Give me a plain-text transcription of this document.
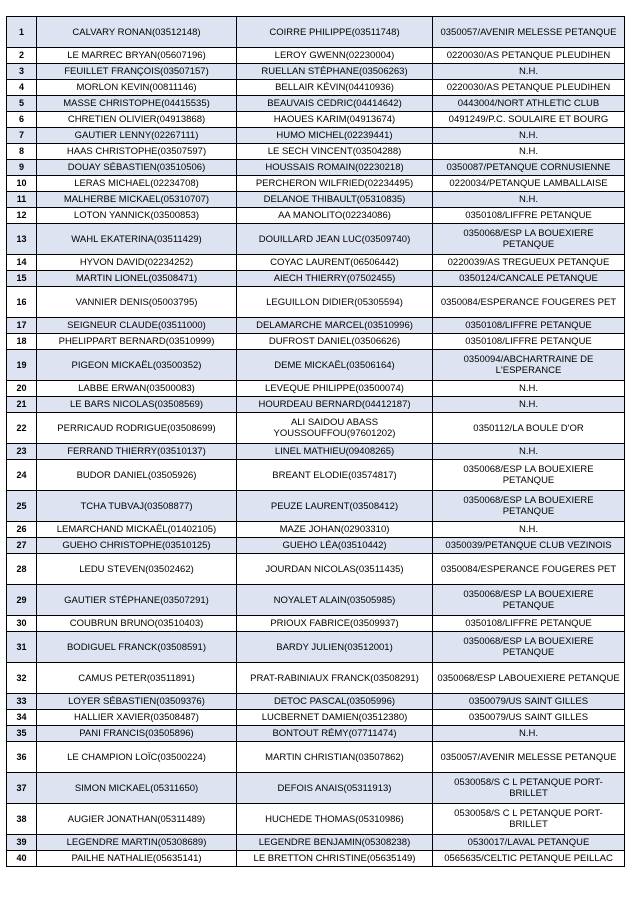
1	CALVARY RONAN(03512148)	COIRRE PHILIPPE(03511748)	0350057/AVENIR MELESSE PETANQUE
2	LE MARREC BRYAN(05607196)	LEROY GWENN(02230004)	0220030/AS PETANQUE PLEUDIHEN
3	FEUILLET FRANÇOIS(03507157)	RUELLAN STÉPHANE(03506263)	N.H.
4	MORLON KEVIN(00811146)	BELLAIR KÉVIN(04410936)	0220030/AS PETANQUE PLEUDIHEN
5	MASSE CHRISTOPHE(04415535)	BEAUVAIS CEDRIC(04414642)	0443004/NORT ATHLETIC CLUB
6	CHRETIEN OLIVIER(04913868)	HAOUES KARIM(04913674)	0491249/P.C. SOULAIRE ET BOURG
7	GAUTIER LENNY(02267111)	HUMO MICHEL(02239441)	N.H.
8	HAAS CHRISTOPHE(03507597)	LE SECH VINCENT(03504288)	N.H.
9	DOUAY SÉBASTIEN(03510506)	HOUSSAIS ROMAIN(02230218)	0350087/PETANQUE CORNUSIENNE
10	LERAS MICHAEL(02234708)	PERCHERON WILFRIED(02234495)	0220034/PETANQUE LAMBALLAISE
11	MALHERBE MICKAEL(05310707)	DELANOE THIBAULT(05310835)	N.H.
12	LOTON YANNICK(03500853)	AA MANOLITO(02234086)	0350108/LIFFRE PETANQUE
13	WAHL EKATERINA(03511429)	DOUILLARD JEAN LUC(03509740)	0350068/ESP LA BOUEXIERE PETANQUE
14	HYVON DAVID(02234252)	COYAC LAURENT(06506442)	0220039/AS TREGUEUX PETANQUE
15	MARTIN LIONEL(03508471)	AIECH THIERRY(07502455)	0350124/CANCALE PETANQUE
16	VANNIER DENIS(05003795)	LEGUILLON DIDIER(05305594)	0350084/ESPERANCE FOUGERES PET
17	SEIGNEUR CLAUDE(03511000)	DELAMARCHE MARCEL(03510996)	0350108/LIFFRE PETANQUE
18	PHELIPPART BERNARD(03510999)	DUFROST DANIEL(03506626)	0350108/LIFFRE PETANQUE
19	PIGEON MICKAËL(03500352)	DEME MICKAËL(03506164)	0350094/ABCHARTRAINE DE L'ESPERANCE
20	LABBE ERWAN(03500083)	LEVEQUE PHILIPPE(03500074)	N.H.
21	LE BARS NICOLAS(03508569)	HOURDEAU BERNARD(04412187)	N.H.
22	PERRICAUD RODRIGUE(03508699)	ALI SAIDOU ABASS YOUSSOUFFOU(97601202)	0350112/LA BOULE D'OR
23	FERRAND THIERRY(03510137)	LINEL MATHIEU(09408265)	N.H.
24	BUDOR DANIEL(03505926)	BREANT ELODIE(03574817)	0350068/ESP LA BOUEXIERE PETANQUE
25	TCHA TUBVAJ(03508877)	PEUZE LAURENT(03508412)	0350068/ESP LA BOUEXIERE PETANQUE
26	LEMARCHAND MICKAËL(01402105)	MAZE JOHAN(02903310)	N.H.
27	GUEHO CHRISTOPHE(03510125)	GUEHO LÉA(03510442)	0350039/PETANQUE CLUB VEZINOIS
28	LEDU STEVEN(03502462)	JOURDAN NICOLAS(03511435)	0350084/ESPERANCE FOUGERES PET
29	GAUTIER STÉPHANE(03507291)	NOYALET ALAIN(03505985)	0350068/ESP LA BOUEXIERE PETANQUE
30	COUBRUN BRUNO(03510403)	PRIOUX FABRICE(03509937)	0350108/LIFFRE PETANQUE
31	BODIGUEL FRANCK(03508591)	BARDY JULIEN(03512001)	0350068/ESP LA BOUEXIERE PETANQUE
32	CAMUS PETER(03511891)	PRAT-RABINIAUX FRANCK(03508291)	0350068/ESP LABOUEXIERE PETANQUE
33	LOYER SÉBASTIEN(03509376)	DETOC PASCAL(03505996)	0350079/US SAINT GILLES
34	HALLIER XAVIER(03508487)	LUCBERNET DAMIEN(03512380)	0350079/US SAINT GILLES
35	PANI FRANCIS(03505896)	BONTOUT RÉMY(07711474)	N.H.
36	LE CHAMPION LOÏC(03500224)	MARTIN CHRISTIAN(03507862)	0350057/AVENIR MELESSE PETANQUE
37	SIMON MICKAEL(05311650)	DEFOIS ANAIS(05311913)	0530058/S C L PETANQUE PORT-BRILLET
38	AUGIER JONATHAN(05311489)	HUCHEDE THOMAS(05310986)	0530058/S C L PETANQUE PORT-BRILLET
39	LEGENDRE MARTIN(05308689)	LEGENDRE BENJAMIN(05308238)	0530017/LAVAL PETANQUE
40	PAILHE NATHALIE(05635141)	LE BRETTON CHRISTINE(05635149)	0565635/CELTIC PETANQUE PEILLAC
